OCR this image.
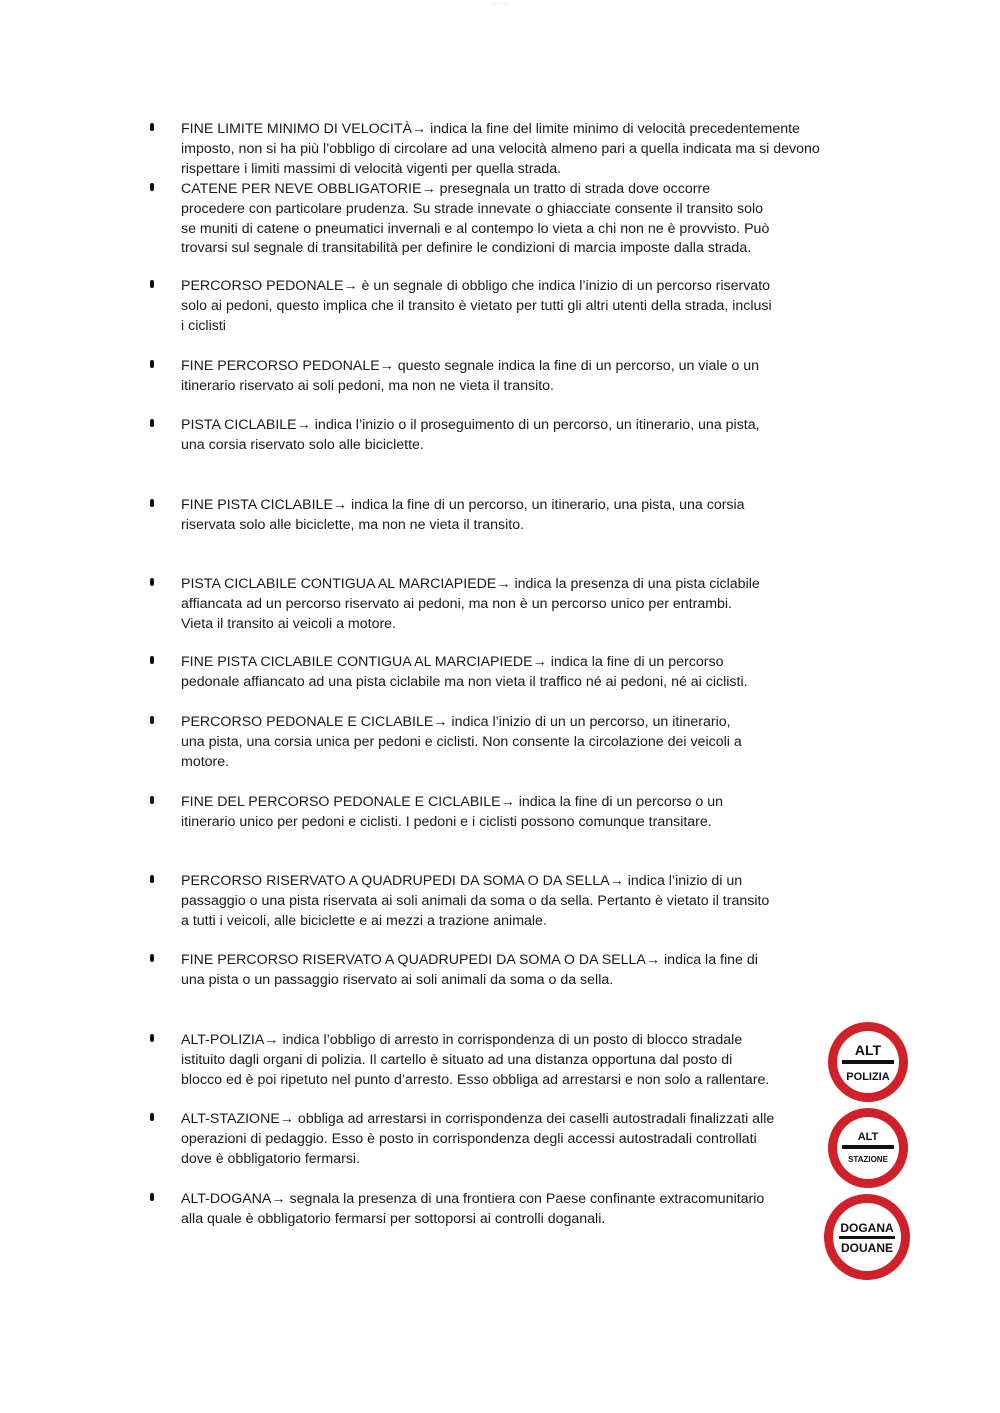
- - - - - -
FINE LIMITE MINIMO DI VELOCITÀ→ indica la fine del limite minimo di velocità precedentemente
imposto, non si ha più l’obbligo di circolare ad una velocità almeno pari a quella indicata ma si devono
rispettare i limiti massimi di velocità vigenti per quella strada.
CATENE PER NEVE OBBLIGATORIE→ presegnala un tratto di strada dove occorre
procedere con particolare prudenza. Su strade innevate o ghiacciate consente il transito solo
se muniti di catene o pneumatici invernali e al contempo lo vieta a chi non ne è provvisto. Può
trovarsi sul segnale di transitabilità per definire le condizioni di marcia imposte dalla strada.
PERCORSO PEDONALE→ è un segnale di obbligo che indica l’inizio di un percorso riservato
solo ai pedoni, questo implica che il transito è vietato per tutti gli altri utenti della strada, inclusi
i ciclisti
FINE PERCORSO PEDONALE→ questo segnale indica la fine di un percorso, un viale o un
itinerario riservato ai soli pedoni, ma non ne vieta il transito.
PISTA CICLABILE→ indica l’inizio o il proseguimento di un percorso, un itinerario, una pista,
una corsia riservato solo alle biciclette.
FINE PISTA CICLABILE→ indica la fine di un percorso, un itinerario, una pista, una corsia
riservata solo alle biciclette, ma non ne vieta il transito.
PISTA CICLABILE CONTIGUA AL MARCIAPIEDE→ indica la presenza di una pista ciclabile
affiancata ad un percorso riservato ai pedoni, ma non è un percorso unico per entrambi.
Vieta il transito ai veicoli a motore.
FINE PISTA CICLABILE CONTIGUA AL MARCIAPIEDE→ indica la fine di un percorso
pedonale affiancato ad una pista ciclabile ma non vieta il traffico né ai pedoni, né ai ciclisti.
PERCORSO PEDONALE E CICLABILE→ indica l’inizio di un un percorso, un itinerario,
una pista, una corsia unica per pedoni e ciclisti. Non consente la circolazione dei veicoli a
motore.
FINE DEL PERCORSO PEDONALE E CICLABILE→ indica la fine di un percorso o un
itinerario unico per pedoni e ciclisti. I pedoni e i ciclisti possono comunque transitare.
PERCORSO RISERVATO A QUADRUPEDI DA SOMA O DA SELLA→ indica l’inizio di un
passaggio o una pista riservata ai soli animali da soma o da sella. Pertanto è vietato il transito
a tutti i veicoli, alle biciclette e ai mezzi a trazione animale.
FINE PERCORSO RISERVATO A QUADRUPEDI DA SOMA O DA SELLA→ indica la fine di
una pista o un passaggio riservato ai soli animali da soma o da sella.
ALT-POLIZIA→ indica l’obbligo di arresto in corrispondenza di un posto di blocco stradale
istituito dagli organi di polizia. Il cartello è situato ad una distanza opportuna dal posto di
blocco ed è poi ripetuto nel punto d’arresto. Esso obbliga ad arrestarsi e non solo a rallentare.
ALT-STAZIONE→ obbliga ad arrestarsi in corrispondenza dei caselli autostradali finalizzati alle
operazioni di pedaggio. Esso è posto in corrispondenza degli accessi autostradali controllati
dove è obbligatorio fermarsi.
ALT-DOGANA→ segnala la presenza di una frontiera con Paese confinante extracomunitario
alla quale è obbligatorio fermarsi per sottoporsi ai controlli doganali.
ALT
POLIZIA
ALT
STAZIONE
DOGANA
DOUANE
